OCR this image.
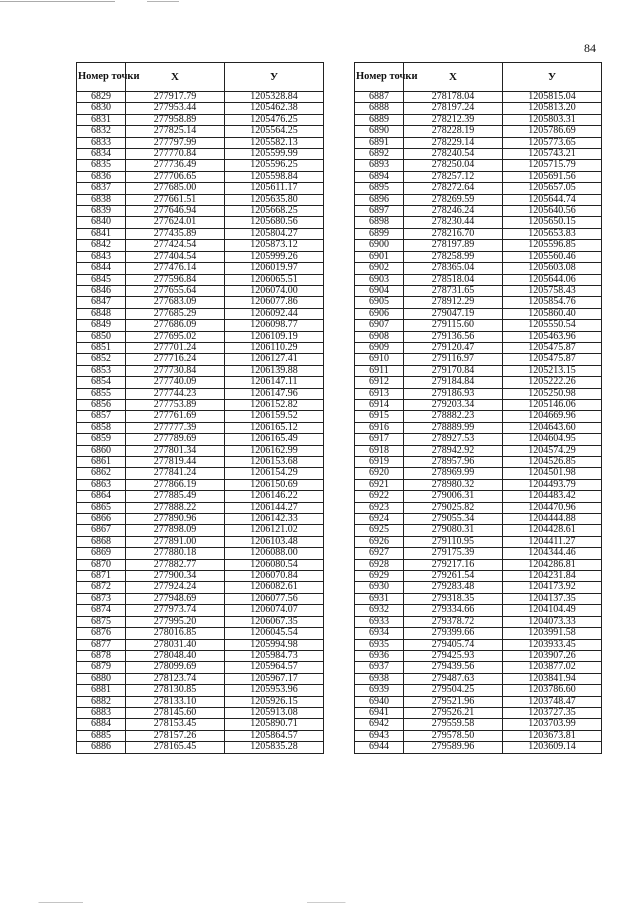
84
Номер точки	X	У
6829	277917.79	1205328.84
6830	277953.44	1205462.38
6831	277958.89	1205476.25
6832	277825.14	1205564.25
6833	277797.99	1205582.13
6834	277770.84	1205599.99
6835	277736.49	1205596.25
6836	277706.65	1205598.84
6837	277685.00	1205611.17
6838	277661.51	1205635.80
6839	277646.94	1205668.25
6840	277624.01	1205680.56
6841	277435.89	1205804.27
6842	277424.54	1205873.12
6843	277404.54	1205999.26
6844	277476.14	1206019.97
6845	277596.84	1206065.51
6846	277655.64	1206074.00
6847	277683.09	1206077.86
6848	277685.29	1206092.44
6849	277686.09	1206098.77
6850	277695.02	1206109.19
6851	277701.24	1206110.29
6852	277716.24	1206127.41
6853	277730.84	1206139.88
6854	277740.09	1206147.11
6855	277744.23	1206147.96
6856	277753.89	1206152.82
6857	277761.69	1206159.52
6858	277777.39	1206165.12
6859	277789.69	1206165.49
6860	277801.34	1206162.99
6861	277819.44	1206153.68
6862	277841.24	1206154.29
6863	277866.19	1206150.69
6864	277885.49	1206146.22
6865	277888.22	1206144.27
6866	277890.96	1206142.33
6867	277898.09	1206121.02
6868	277891.00	1206103.48
6869	277880.18	1206088.00
6870	277882.77	1206080.54
6871	277900.34	1206070.84
6872	277924.24	1206082.61
6873	277948.69	1206077.56
6874	277973.74	1206074.07
6875	277995.20	1206067.35
6876	278016.85	1206045.54
6877	278031.40	1205994.98
6878	278048.40	1205984.73
6879	278099.69	1205964.57
6880	278123.74	1205967.17
6881	278130.85	1205953.96
6882	278133.10	1205926.15
6883	278145.60	1205913.08
6884	278153.45	1205890.71
6885	278157.26	1205864.57
6886	278165.45	1205835.28
Номер точки	X	У
6887	278178.04	1205815.04
6888	278197.24	1205813.20
6889	278212.39	1205803.31
6890	278228.19	1205786.69
6891	278229.14	1205773.65
6892	278240.54	1205743.21
6893	278250.04	1205715.79
6894	278257.12	1205691.56
6895	278272.64	1205657.05
6896	278269.59	1205644.74
6897	278246.24	1205640.56
6898	278230.44	1205650.15
6899	278216.70	1205653.83
6900	278197.89	1205596.85
6901	278258.99	1205560.46
6902	278365.04	1205603.08
6903	278518.04	1205644.06
6904	278731.65	1205758.43
6905	278912.29	1205854.76
6906	279047.19	1205860.40
6907	279115.60	1205550.54
6908	279136.56	1205463.96
6909	279120.47	1205475.87
6910	279116.97	1205475.87
6911	279170.84	1205213.15
6912	279184.84	1205222.26
6913	279186.93	1205250.98
6914	279203.34	1205146.06
6915	278882.23	1204669.96
6916	278889.99	1204643.60
6917	278927.53	1204604.95
6918	278942.92	1204574.29
6919	278957.96	1204526.85
6920	278969.99	1204501.98
6921	278980.32	1204493.79
6922	279006.31	1204483.42
6923	279025.82	1204470.96
6924	279055.34	1204444.88
6925	279080.31	1204428.61
6926	279110.95	1204411.27
6927	279175.39	1204344.46
6928	279217.16	1204286.81
6929	279261.54	1204231.84
6930	279283.48	1204173.92
6931	279318.35	1204137.35
6932	279334.66	1204104.49
6933	279378.72	1204073.33
6934	279399.66	1203991.58
6935	279405.74	1203933.45
6936	279425.93	1203907.26
6937	279439.56	1203877.02
6938	279487.63	1203841.94
6939	279504.25	1203786.60
6940	279521.96	1203748.47
6941	279526.21	1203727.35
6942	279559.58	1203703.99
6943	279578.50	1203673.81
6944	279589.96	1203609.14
